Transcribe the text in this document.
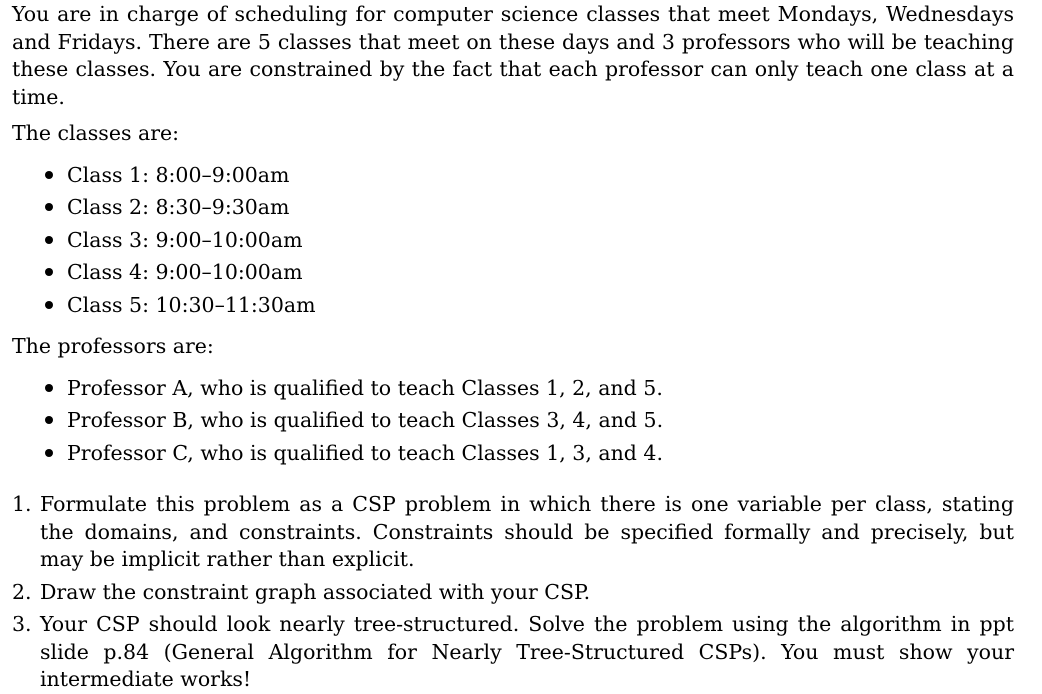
You are in charge of scheduling for computer science classes that meet Mondays, Wednesdays and Fridays. There are 5 classes that meet on these days and 3 professors who will be teaching these classes. You are constrained by the fact that each professor can only teach one class at a time.

The classes are:

Class 1: 8:00–9:00am
Class 2: 8:30–9:30am
Class 3: 9:00–10:00am
Class 4: 9:00–10:00am
Class 5: 10:30–11:30am

The professors are:

Professor A, who is qualified to teach Classes 1, 2, and 5.
Professor B, who is qualified to teach Classes 3, 4, and 5.
Professor C, who is qualified to teach Classes 1, 3, and 4.
1. Formulate this problem as a CSP problem in which there is one variable per class, stating the domains, and constraints. Constraints should be specified formally and precisely, but may be implicit rather than explicit.

2. Draw the constraint graph associated with your CSP.

3. Your CSP should look nearly tree-structured. Solve the problem using the algorithm in ppt slide p.84 (General Algorithm for Nearly Tree-Structured CSPs). You must show your intermediate works!
